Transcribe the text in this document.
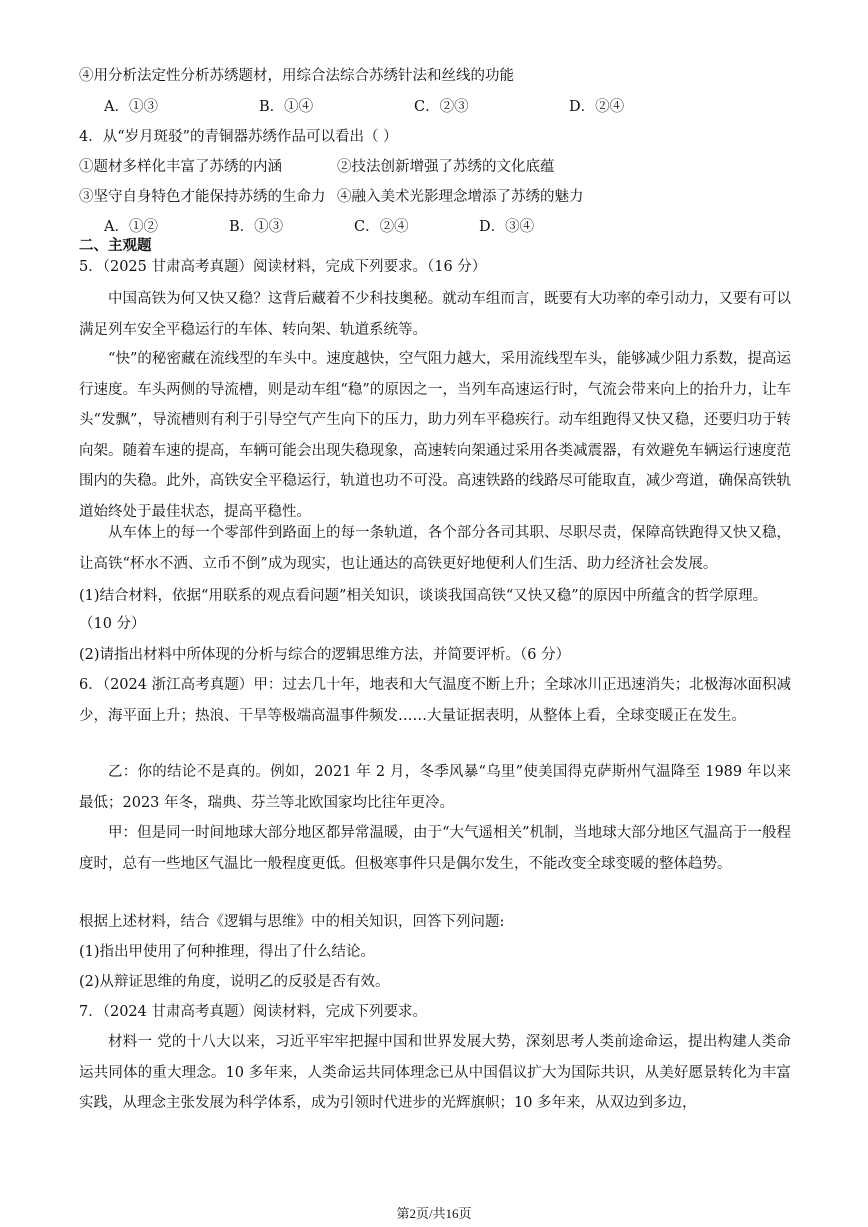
④用分析法定性分析苏绣题材，用综合法综合苏绣针法和丝线的功能
A．①③	B．①④	C．②③	D．②④
4．从“岁月斑驳”的青铜器苏绣作品可以看出（ ）
①题材多样化丰富了苏绣的内涵	②技法创新增强了苏绣的文化底蕴
③坚守自身特色才能保持苏绣的生命力 ④融入美术光影理念增添了苏绣的魅力
A．①②	B．①③	C．②④	D．③④
二、主观题
5．（2025 甘肃高考真题）阅读材料，完成下列要求。（16 分）
中国高铁为何又快又稳？这背后藏着不少科技奥秘。就动车组而言，既要有大功率的牵引动力，又要有可以满足列车安全平稳运行的车体、转向架、轨道系统等。
“快”的秘密藏在流线型的车头中。速度越快，空气阻力越大，采用流线型车头，能够减少阻力系数，提高运行速度。车头两侧的导流槽，则是动车组“稳”的原因之一，当列车高速运行时，气流会带来向上的抬升力，让车头“发飘”，导流槽则有利于引导空气产生向下的压力，助力列车平稳疾行。动车组跑得又快又稳，还要归功于转向架。随着车速的提高，车辆可能会出现失稳现象，高速转向架通过采用各类减震器，有效避免车辆运行速度范围内的失稳。此外，高铁安全平稳运行，轨道也功不可没。高速铁路的线路尽可能取直，减少弯道，确保高铁轨道始终处于最佳状态，提高平稳性。
从车体上的每一个零部件到路面上的每一条轨道，各个部分各司其职、尽职尽责，保障高铁跑得又快又稳，让高铁“杯水不洒、立币不倒”成为现实，也让通达的高铁更好地便利人们生活、助力经济社会发展。
(1)结合材料，依据“用联系的观点看问题”相关知识，谈谈我国高铁“又快又稳”的原因中所蕴含的哲学原理。
（10 分）
(2)请指出材料中所体现的分析与综合的逻辑思维方法，并简要评析。（6 分）
6．（2024 浙江高考真题）甲：过去几十年，地表和大气温度不断上升；全球冰川正迅速消失；北极海冰面积减少，海平面上升；热浪、干旱等极端高温事件频发……大量证据表明，从整体上看，全球变暖正在发生。
乙：你的结论不是真的。例如，2021 年 2 月，冬季风暴“乌里”使美国得克萨斯州气温降至 1989 年以来最低；2023 年冬，瑞典、芬兰等北欧国家均比往年更冷。
甲：但是同一时间地球大部分地区都异常温暖，由于“大气遥相关”机制，当地球大部分地区气温高于一般程度时，总有一些地区气温比一般程度更低。但极寒事件只是偶尔发生，不能改变全球变暖的整体趋势。
根据上述材料，结合《逻辑与思维》中的相关知识，回答下列问题:
(1)指出甲使用了何种推理，得出了什么结论。
(2)从辩证思维的角度，说明乙的反驳是否有效。
7．（2024 甘肃高考真题）阅读材料，完成下列要求。
材料一 党的十八大以来，习近平牢牢把握中国和世界发展大势，深刻思考人类前途命运，提出构建人类命运共同体的重大理念。10 多年来，人类命运共同体理念已从中国倡议扩大为国际共识，从美好愿景转化为丰富实践，从理念主张发展为科学体系，成为引领时代进步的光辉旗帜；10 多年来，从双边到多边，
第2页/共16页
